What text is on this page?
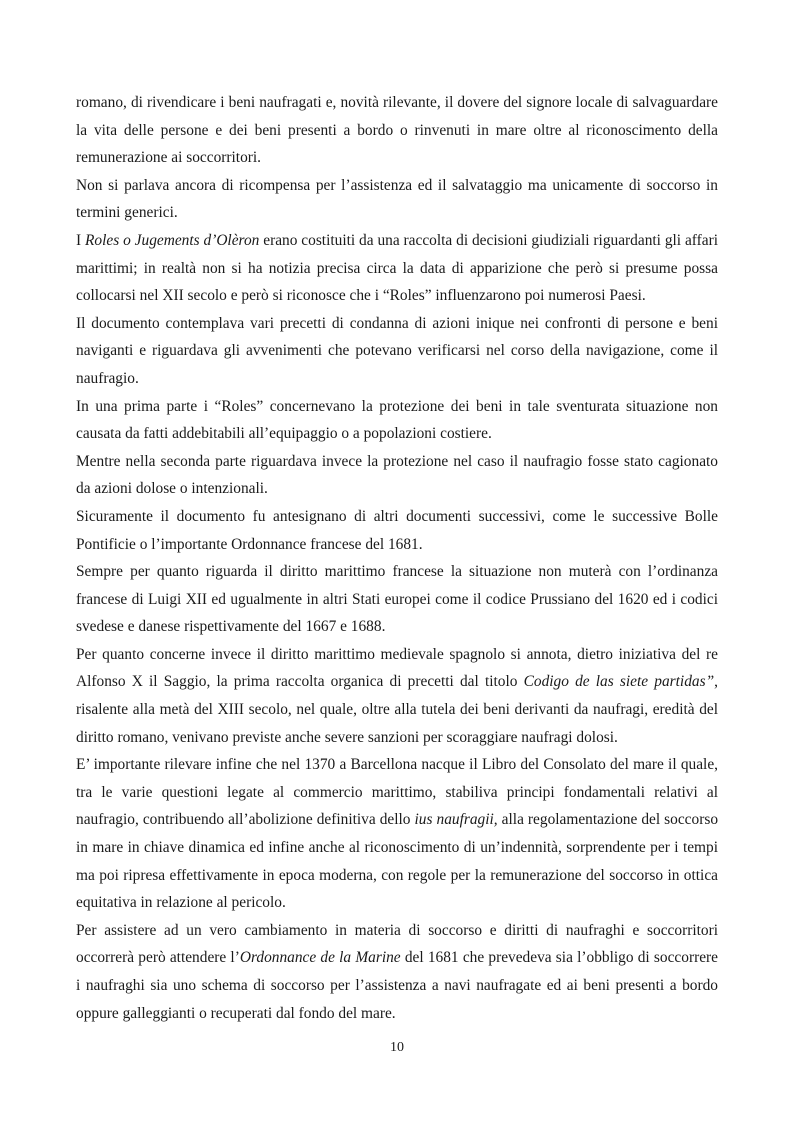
romano, di rivendicare i beni naufragati e, novità rilevante, il dovere del signore locale di salvaguardare la vita delle persone e dei beni presenti a bordo o rinvenuti in mare oltre al riconoscimento della remunerazione ai soccorritori.

Non si parlava ancora di ricompensa per l’assistenza ed il salvataggio ma unicamente di soccorso in termini generici.

I Roles o Jugements d’Olèron erano costituiti da una raccolta di decisioni giudiziali riguardanti gli affari marittimi; in realtà non si ha notizia precisa circa la data di apparizione che però si presume possa collocarsi nel XII secolo e però si riconosce che i “Roles” influenzarono poi numerosi Paesi.

Il documento contemplava vari precetti di condanna di azioni inique nei confronti di persone e beni naviganti e riguardava gli avvenimenti che potevano verificarsi nel corso della navigazione, come il naufragio.

In una prima parte i “Roles” concernevano la protezione dei beni in tale sventurata situazione non causata da fatti addebitabili all’equipaggio o a popolazioni costiere.

Mentre nella seconda parte riguardava invece la protezione nel caso il naufragio fosse stato cagionato da azioni dolose o intenzionali.

Sicuramente il documento fu antesignano di altri documenti successivi, come le successive Bolle Pontificie o l’importante Ordonnance francese del 1681.

Sempre per quanto riguarda il diritto marittimo francese la situazione non muterà con l’ordinanza francese di Luigi XII ed ugualmente in altri Stati europei come il codice Prussiano del 1620 ed i codici svedese e danese rispettivamente del 1667 e 1688.

Per quanto concerne invece il diritto marittimo medievale spagnolo si annota, dietro iniziativa del re Alfonso X il Saggio, la prima raccolta organica di precetti dal titolo Codigo de las siete partidas”, risalente alla metà del XIII secolo, nel quale, oltre alla tutela dei beni derivanti da naufragi, eredità del diritto romano, venivano previste anche severe sanzioni per scoraggiare naufragi dolosi.

E’ importante rilevare infine che nel 1370 a Barcellona nacque il Libro del Consolato del mare il quale, tra le varie questioni legate al commercio marittimo, stabiliva principi fondamentali relativi al naufragio, contribuendo all’abolizione definitiva dello ius naufragii, alla regolamentazione del soccorso in mare in chiave dinamica ed infine anche al riconoscimento di un’indennità, sorprendente per i tempi ma poi ripresa effettivamente in epoca moderna, con regole per la remunerazione del soccorso in ottica equitativa in relazione al pericolo.

Per assistere ad un vero cambiamento in materia di soccorso e diritti di naufraghi e soccorritori occorrerà però attendere l’Ordonnance de la Marine del 1681 che prevedeva sia l’obbligo di soccorrere i naufraghi sia uno schema di soccorso per l’assistenza a navi naufragate ed ai beni presenti a bordo oppure galleggianti o recuperati dal fondo del mare.

10
